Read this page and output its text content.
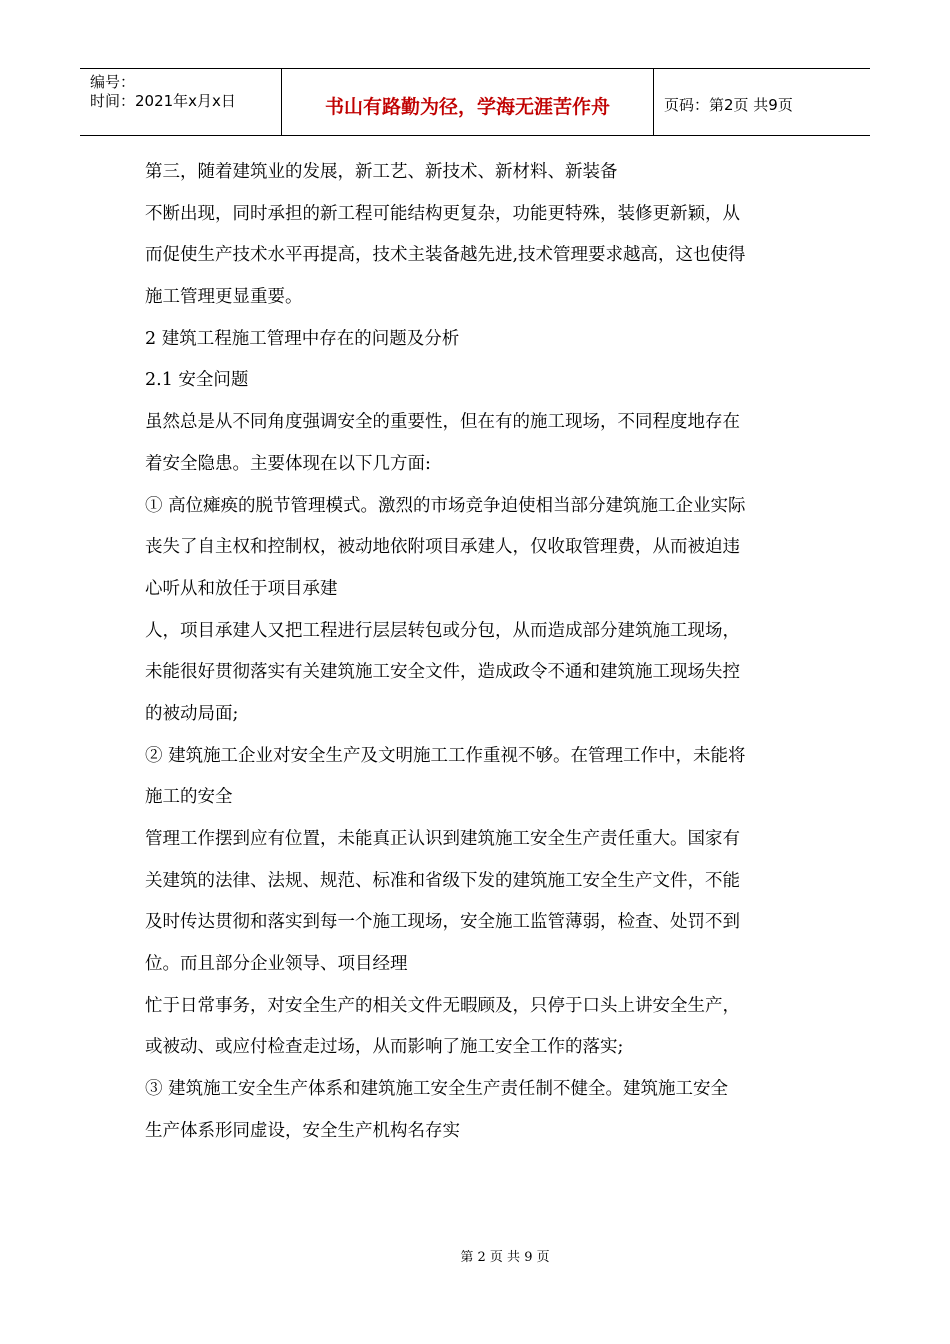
编号：
时间：2021年x月x日	书山有路勤为径，学海无涯苦作舟	页码：第2页 共9页
第三，随着建筑业的发展，新工艺、新技术、新材料、新装备
不断出现，同时承担的新工程可能结构更复杂，功能更特殊，装修更新颖，从
而促使生产技术水平再提高，技术主装备越先进,技术管理要求越高，这也使得
施工管理更显重要。
2 建筑工程施工管理中存在的问题及分析
2.1 安全问题
虽然总是从不同角度强调安全的重要性，但在有的施工现场，不同程度地存在
着安全隐患。主要体现在以下几方面:
① 高位瘫痪的脱节管理模式。激烈的市场竞争迫使相当部分建筑施工企业实际
丧失了自主权和控制权，被动地依附项目承建人，仅收取管理费，从而被迫违
心听从和放任于项目承建
人，项目承建人又把工程进行层层转包或分包，从而造成部分建筑施工现场，
未能很好贯彻落实有关建筑施工安全文件，造成政令不通和建筑施工现场失控
的被动局面;
② 建筑施工企业对安全生产及文明施工工作重视不够。在管理工作中，未能将
施工的安全
管理工作摆到应有位置，未能真正认识到建筑施工安全生产责任重大。国家有
关建筑的法律、法规、规范、标准和省级下发的建筑施工安全生产文件，不能
及时传达贯彻和落实到每一个施工现场，安全施工监管薄弱，检查、处罚不到
位。而且部分企业领导、项目经理
忙于日常事务，对安全生产的相关文件无暇顾及，只停于口头上讲安全生产，
或被动、或应付检查走过场，从而影响了施工安全工作的落实;
③ 建筑施工安全生产体系和建筑施工安全生产责任制不健全。建筑施工安全
生产体系形同虚设，安全生产机构名存实
第 2 页 共 9 页
